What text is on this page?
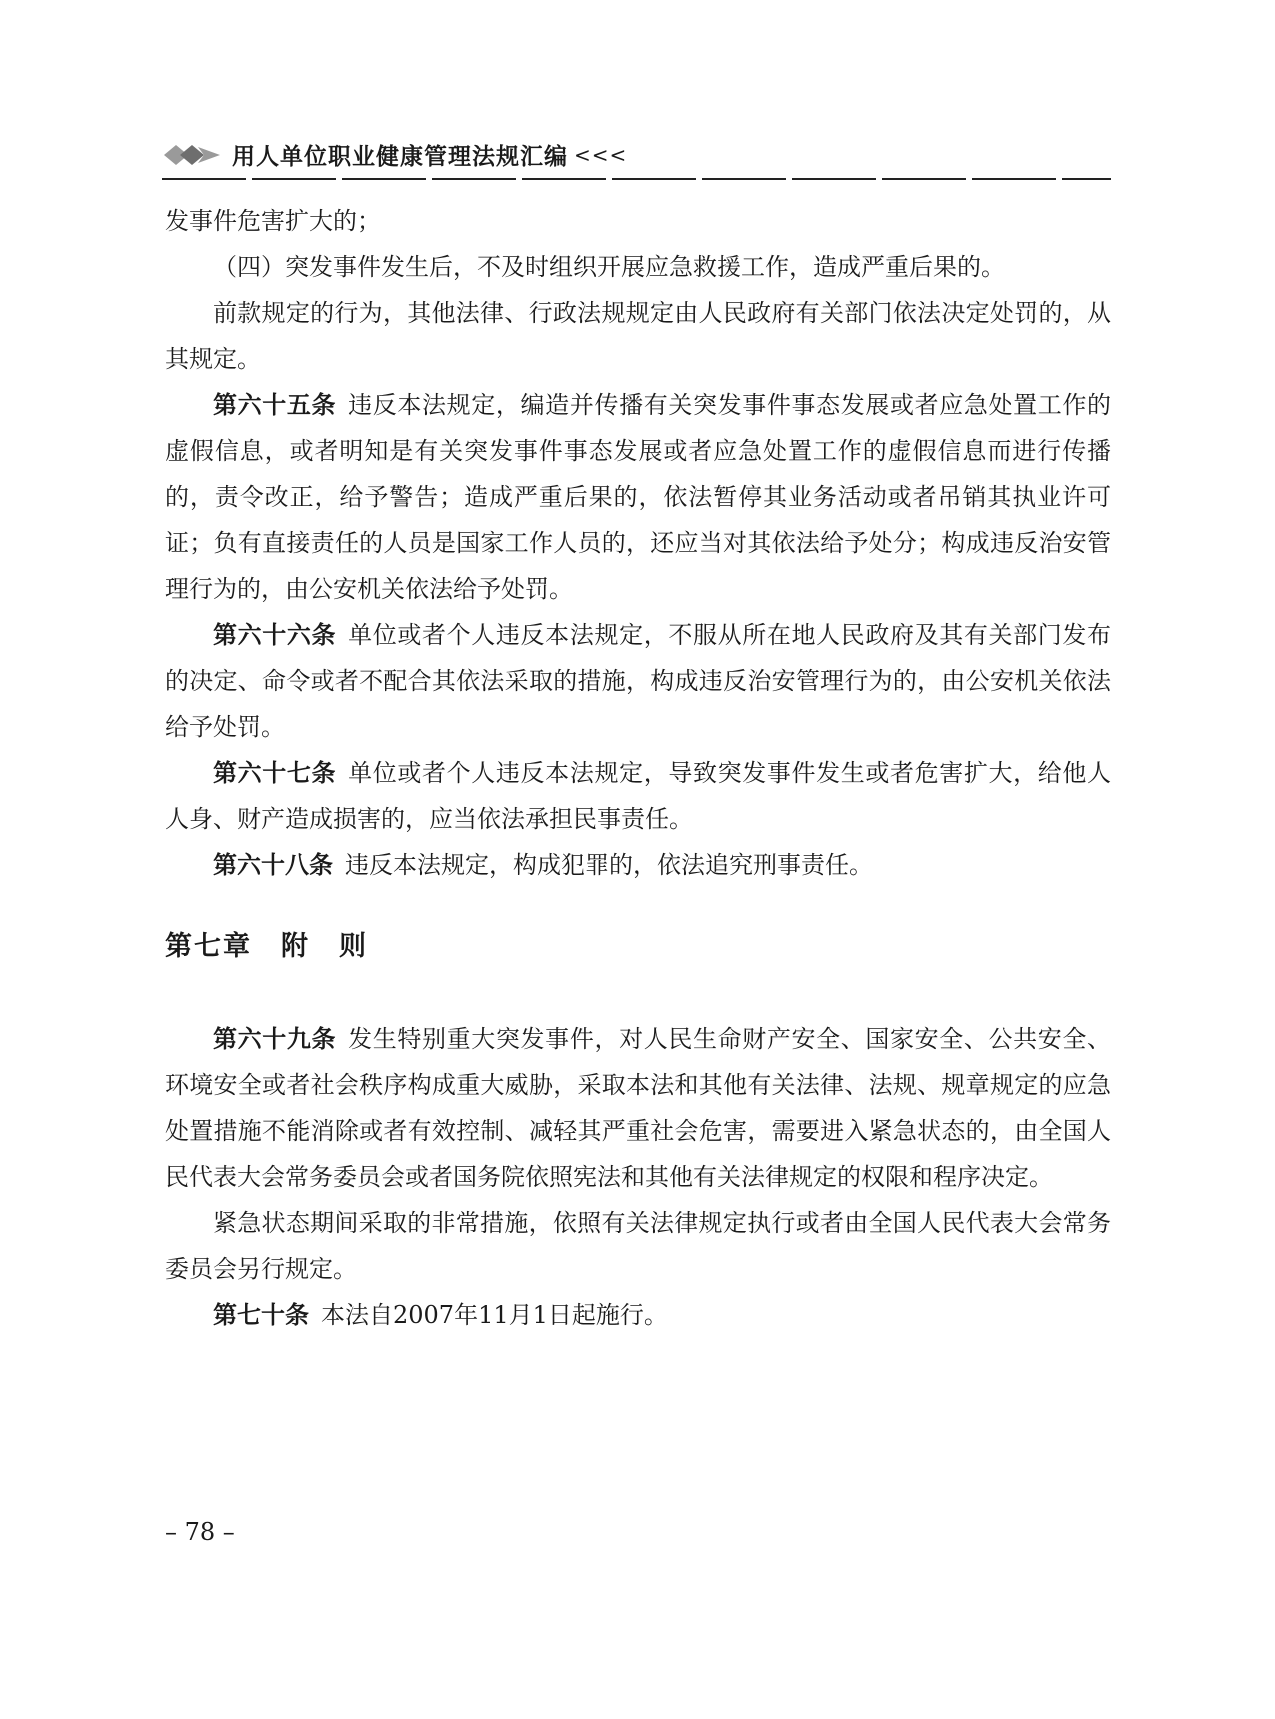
用人单位职业健康管理法规汇编 <<<

发事件危害扩大的；

（四）突发事件发生后，不及时组织开展应急救援工作，造成严重后果的。

前款规定的行为，其他法律、行政法规规定由人民政府有关部门依法决定处罚的，从其规定。

第六十五条 违反本法规定，编造并传播有关突发事件事态发展或者应急处置工作的虚假信息，或者明知是有关突发事件事态发展或者应急处置工作的虚假信息而进行传播的，责令改正，给予警告；造成严重后果的，依法暂停其业务活动或者吊销其执业许可证；负有直接责任的人员是国家工作人员的，还应当对其依法给予处分；构成违反治安管理行为的，由公安机关依法给予处罚。

第六十六条 单位或者个人违反本法规定，不服从所在地人民政府及其有关部门发布的决定、命令或者不配合其依法采取的措施，构成违反治安管理行为的，由公安机关依法给予处罚。

第六十七条 单位或者个人违反本法规定，导致突发事件发生或者危害扩大，给他人人身、财产造成损害的，应当依法承担民事责任。

第六十八条 违反本法规定，构成犯罪的，依法追究刑事责任。

第七章　附　则

第六十九条 发生特别重大突发事件，对人民生命财产安全、国家安全、公共安全、环境安全或者社会秩序构成重大威胁，采取本法和其他有关法律、法规、规章规定的应急处置措施不能消除或者有效控制、减轻其严重社会危害，需要进入紧急状态的，由全国人民代表大会常务委员会或者国务院依照宪法和其他有关法律规定的权限和程序决定。

紧急状态期间采取的非常措施，依照有关法律规定执行或者由全国人民代表大会常务委员会另行规定。

第七十条 本法自2007年11月1日起施行。

– 78 –
